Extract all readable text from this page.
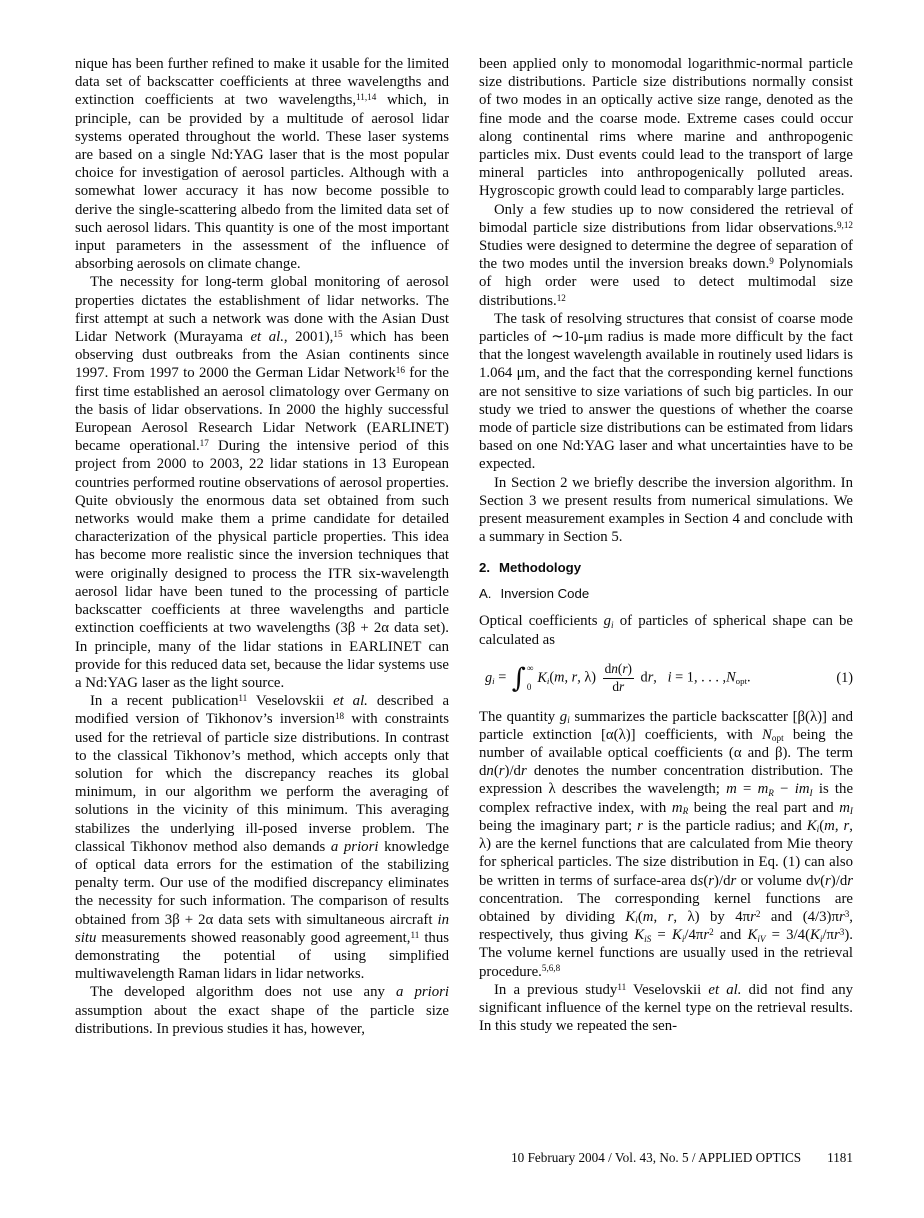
nique has been further refined to make it usable for the limited data set of backscatter coefficients at three wavelengths and extinction coefficients at two wavelengths,$^{11,14}$ which, in principle, can be provided by a multitude of aerosol lidar systems operated throughout the world. These laser systems are based on a single Nd:YAG laser that is the most popular choice for investigation of aerosol particles. Although with a somewhat lower accuracy it has now become possible to derive the single-scattering albedo from the limited data set of such aerosol lidars. This quantity is one of the most important input parameters in the assessment of the influence of absorbing aerosols on climate change.

The necessity for long-term global monitoring of aerosol properties dictates the establishment of lidar networks. The first attempt at such a network was done with the Asian Dust Lidar Network (Murayama et al., 2001),$^{15}$ which has been observing dust outbreaks from the Asian continents since 1997. From 1997 to 2000 the German Lidar Network$^{16}$ for the first time established an aerosol climatology over Germany on the basis of lidar observations. In 2000 the highly successful European Aerosol Research Lidar Network (EARLINET) became operational.$^{17}$ During the intensive period of this project from 2000 to 2003, 22 lidar stations in 13 European countries performed routine observations of aerosol properties. Quite obviously the enormous data set obtained from such networks would make them a prime candidate for detailed characterization of the physical particle properties. This idea has become more realistic since the inversion techniques that were originally designed to process the ITR six-wavelength aerosol lidar have been tuned to the processing of particle backscatter coefficients at three wavelengths and particle extinction coefficients at two wavelengths (3β + 2α data set). In principle, many of the lidar stations in EARLINET can provide for this reduced data set, because the lidar systems use a Nd:YAG laser as the light source.

In a recent publication$^{11}$ Veselovskii et al. described a modified version of Tikhonov’s inversion$^{18}$ with constraints used for the retrieval of particle size distributions. In contrast to the classical Tikhonov’s method, which accepts only that solution for which the discrepancy reaches its global minimum, in our algorithm we perform the averaging of solutions in the vicinity of this minimum. This averaging stabilizes the underlying ill-posed inverse problem. The classical Tikhonov method also demands a priori knowledge of optical data errors for the estimation of the stabilizing penalty term. Our use of the modified discrepancy eliminates the necessity for such information. The comparison of results obtained from 3β + 2α data sets with simultaneous aircraft in situ measurements showed reasonably good agreement,$^{11}$ thus demonstrating the potential of using simplified multiwavelength Raman lidars in lidar networks.

The developed algorithm does not use any a priori assumption about the exact shape of the particle size distributions. In previous studies it has, however,

been applied only to monomodal logarithmic-normal particle size distributions. Particle size distributions normally consist of two modes in an optically active size range, denoted as the fine mode and the coarse mode. Extreme cases could occur along continental rims where marine and anthropogenic particles mix. Dust events could lead to the transport of large mineral particles into anthropogenically polluted areas. Hygroscopic growth could lead to comparably large particles.

Only a few studies up to now considered the retrieval of bimodal particle size distributions from lidar observations.$^{9,12}$ Studies were designed to determine the degree of separation of the two modes until the inversion breaks down.$^9$ Polynomials of high order were used to detect multimodal size distributions.$^{12}$

The task of resolving structures that consist of coarse mode particles of ∼10-μm radius is made more difficult by the fact that the longest wavelength available in routinely used lidars is 1.064 μm, and the fact that the corresponding kernel functions are not sensitive to size variations of such big particles. In our study we tried to answer the questions of whether the coarse mode of particle size distributions can be estimated from lidars based on one Nd:YAG laser and what uncertainties have to be expected.

In Section 2 we briefly describe the inversion algorithm. In Section 3 we present results from numerical simulations. We present measurement examples in Section 4 and conclude with a summary in Section 5.

2. Methodology
A. Inversion Code

Optical coefficients $g_i$ of particles of spherical shape can be calculated as

$g_i$ = ∫ ∞
0
$K_i(m$, r, $\lambda) \frac{dn(r)}{dr}$ dr,   i = 1, . . . $,N_{opt}$.	(1)

The quantity $g_i$ summarizes the particle backscatter [β(λ)] and particle extinction [α(λ)] coefficients, with $N_{opt}$ being the number of available optical coefficients (α and β). The term dn(r)/dr denotes the number concentration distribution. The expression λ describes the wavelength; $m = m_R - im_I$ is the complex refractive index, with $m_R$ being the real part and $m_I$ being the imaginary part; r is the particle radius; and $K_i(m$, r, λ) are the kernel functions that are calculated from Mie theory for spherical particles. The size distribution in Eq. (1) can also be written in terms of surface-area ds(r)/dr or volume dv(r)/dr concentration. The corresponding kernel functions are obtained by dividing $K_i(m$, r, λ) by $4\pi r^2$ and $(4/3)\pi r^3$, respectively, thus giving $K_{iS} = K_i/4\pi r^2$ and $K_{iV} = 3/4(K_i/\pi r^3)$. The volume kernel functions are usually used in the retrieval procedure.$^{5,6,8}$

In a previous study$^{11}$ Veselovskii et al. did not find any significant influence of the kernel type on the retrieval results. In this study we repeated the sen-

10 February 2004 / Vol. 43, No. 5 / APPLIED OPTICS 1181
